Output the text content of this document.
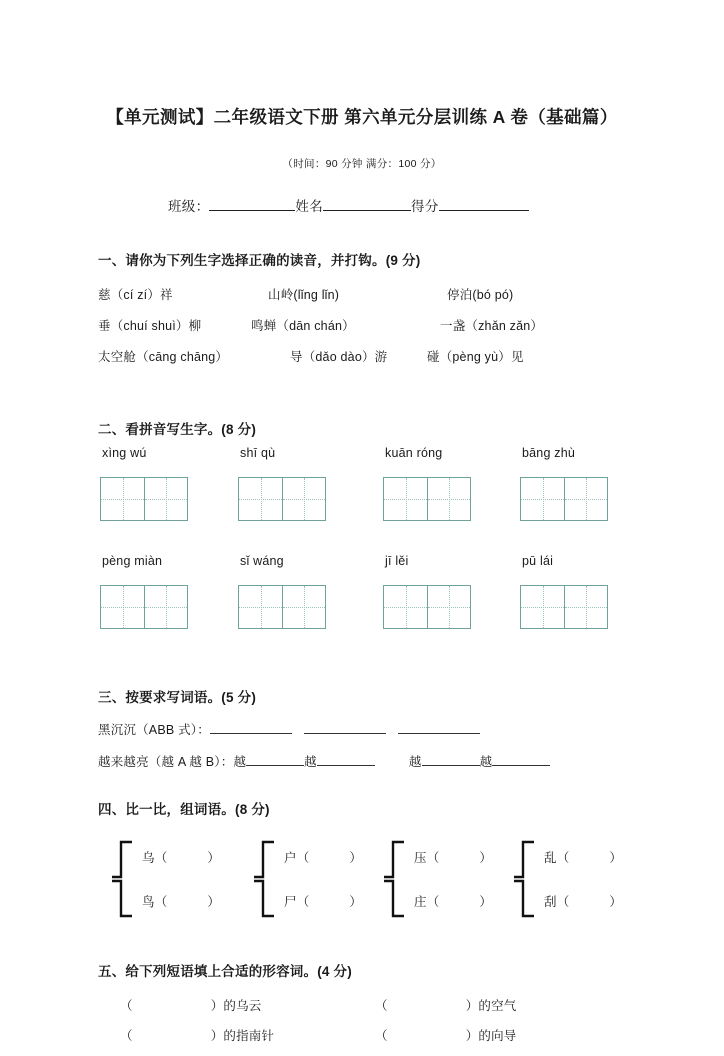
【单元测试】二年级语文下册 第六单元分层训练 A 卷（基础篇）
（时间：90 分钟 满分：100 分）
班级：	姓名	得分
一、请你为下列生字选择正确的读音，并打钩。(9 分)
慈（cí zí）祥	山岭(lǐng lǐn)	停泊(bó pó)
垂（chuí shuì）柳	鸣蝉（dān chán）	一盏（zhǎn zǎn）
太空舱（cāng chāng）	导（dǎo dào）游	碰（pèng yù）见
二、看拼音写生字。(8 分)
xìng wú	shī qù	kuān róng	bāng zhù
pèng miàn	sǐ wáng	jī lěi	pū lái
三、按要求写词语。(5 分)
黑沉沉（ABB 式）：
越来越亮（越 A 越 B）：越	越	越	越
四、比一比，组词语。(8 分)
乌（	）
鸟（	）
户（	）
尸（	）
压（	）
庄（	）
乱（	）
刮（	）
五、给下列短语填上合适的形容词。(4 分)
（	）的乌云	（	）的空气
（	）的指南针	（	）的向导
